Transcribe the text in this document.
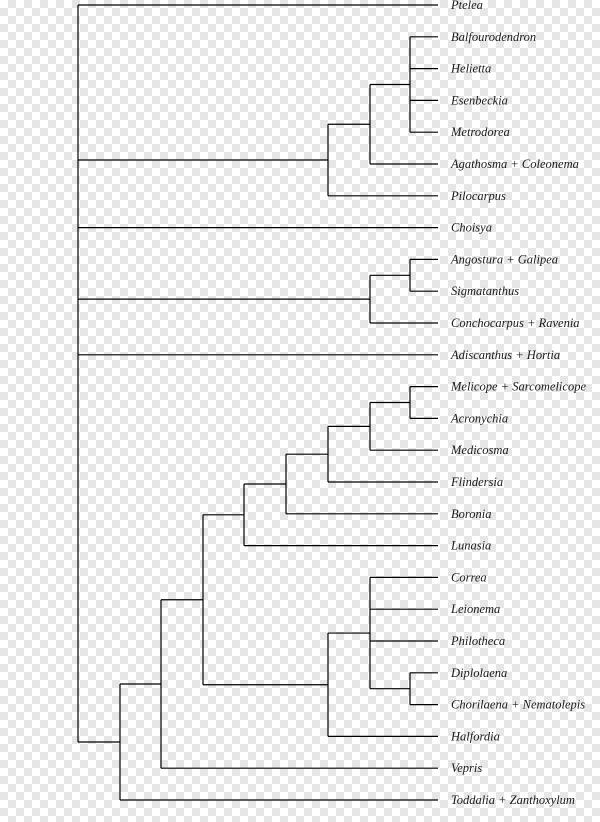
Ptelea
Balfourodendron
Helietta
Esenbeckia
Metrodorea
Agathosma + Coleonema
Pilocarpus
Choisya
Angostura + Galipea
Sigmatanthus
Conchocarpus + Ravenia
Adiscanthus + Hortia
Melicope + Sarcomelicope
Acronychia
Medicosma
Flindersia
Boronia
Lunasia
Correa
Leionema
Philotheca
Diplolaena
Chorilaena + Nematolepis
Halfordia
Vepris
Toddalia + Zanthoxylum
